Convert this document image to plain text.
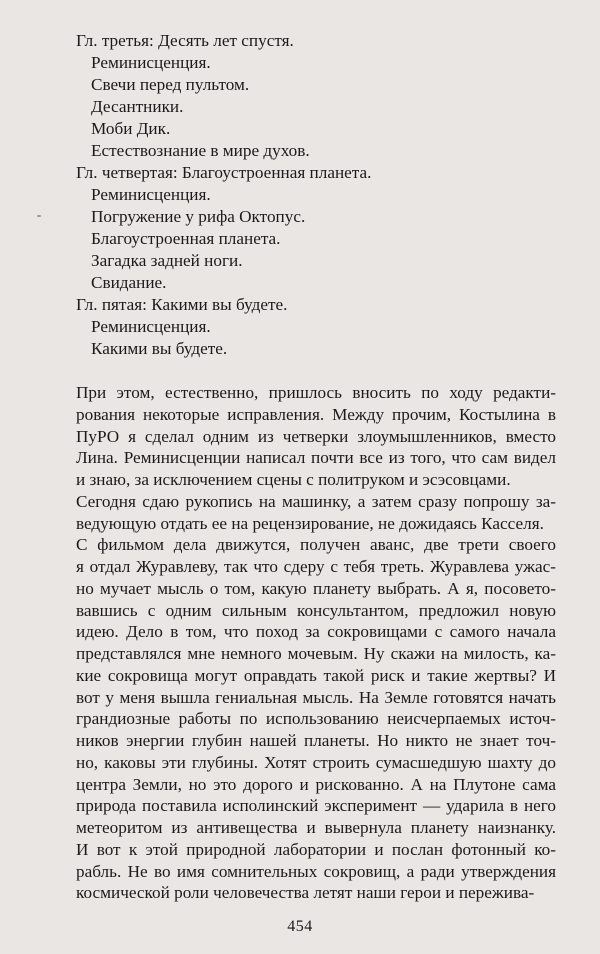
Гл. третья: Десять лет спустя.
Реминисценция.
Свечи перед пультом.
Десантники.
Моби Дик.
Естествознание в мире духов.
Гл. четвертая: Благоустроенная планета.
Реминисценция.
Погружение у рифа Октопус.
Благоустроенная планета.
Загадка задней ноги.
Свидание.
Гл. пятая: Какими вы будете.
Реминисценция.
Какими вы будете.
При этом, естественно, пришлось вносить по ходу редакти-
рования некоторые исправления. Между прочим, Костылина в
ПуРО я сделал одним из четверки злоумышленников, вместо
Лина. Реминисценции написал почти все из того, что сам видел
и знаю, за исключением сцены с политруком и эсэсовцами.
Сегодня сдаю рукопись на машинку, а затем сразу попрошу за-
ведующую отдать ее на рецензирование, не дожидаясь Касселя.
С фильмом дела движутся, получен аванс, две трети своего
я отдал Журавлеву, так что сдеру с тебя треть. Журавлева ужас-
но мучает мысль о том, какую планету выбрать. А я, посовето-
вавшись с одним сильным консультантом, предложил новую
идею. Дело в том, что поход за сокровищами с самого начала
представлялся мне немного мочевым. Ну скажи на милость, ка-
кие сокровища могут оправдать такой риск и такие жертвы? И
вот у меня вышла гениальная мысль. На Земле готовятся начать
грандиозные работы по использованию неисчерпаемых источ-
ников энергии глубин нашей планеты. Но никто не знает точ-
но, каковы эти глубины. Хотят строить сумасшедшую шахту до
центра Земли, но это дорого и рискованно. А на Плутоне сама
природа поставила исполинский эксперимент — ударила в него
метеоритом из антивещества и вывернула планету наизнанку.
И вот к этой природной лаборатории и послан фотонный ко-
рабль. Не во имя сомнительных сокровищ, а ради утверждения
космической роли человечества летят наши герои и пережива-
454
